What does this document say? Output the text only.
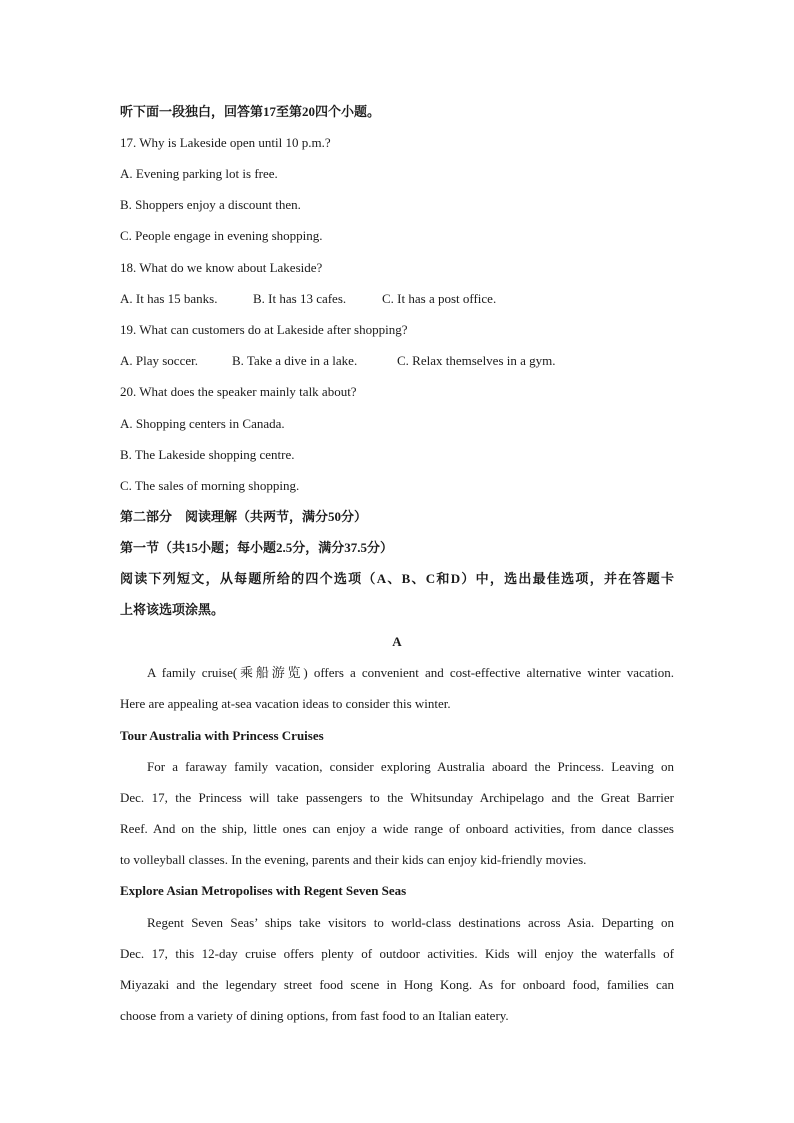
听下面一段独白，回答第17至第20四个小题。
17. Why is Lakeside open until 10 p.m.?
A. Evening parking lot is free.
B. Shoppers enjoy a discount then.
C. People engage in evening shopping.
18. What do we know about Lakeside?
A. It has 15 banks.	B. It has 13 cafes.	C. It has a post office.
19. What can customers do at Lakeside after shopping?
A. Play soccer.	B. Take a dive in a lake.	C. Relax themselves in a gym.
20. What does the speaker mainly talk about?
A. Shopping centers in Canada.
B. The Lakeside shopping centre.
C. The sales of morning shopping.
第二部分　阅读理解（共两节，满分50分）
第一节（共15小题；每小题2.5分，满分37.5分）
阅读下列短文，从每题所给的四个选项（A、B、C和D）中，选出最佳选项，并在答题卡
上将该选项涂黑。
A
A family cruise(乘船游览) offers a convenient and cost-effective alternative winter vacation.
Here are appealing at-sea vacation ideas to consider this winter.
Tour Australia with Princess Cruises
For a faraway family vacation, consider exploring Australia aboard the Princess. Leaving on
Dec. 17, the Princess will take passengers to the Whitsunday Archipelago and the Great Barrier
Reef. And on the ship, little ones can enjoy a wide range of onboard activities, from dance classes
to volleyball classes. In the evening, parents and their kids can enjoy kid-friendly movies.
Explore Asian Metropolises with Regent Seven Seas
Regent Seven Seas’ ships take visitors to world-class destinations across Asia. Departing on
Dec. 17, this 12-day cruise offers plenty of outdoor activities. Kids will enjoy the waterfalls of
Miyazaki and the legendary street food scene in Hong Kong. As for onboard food, families can
choose from a variety of dining options, from fast food to an Italian eatery.
